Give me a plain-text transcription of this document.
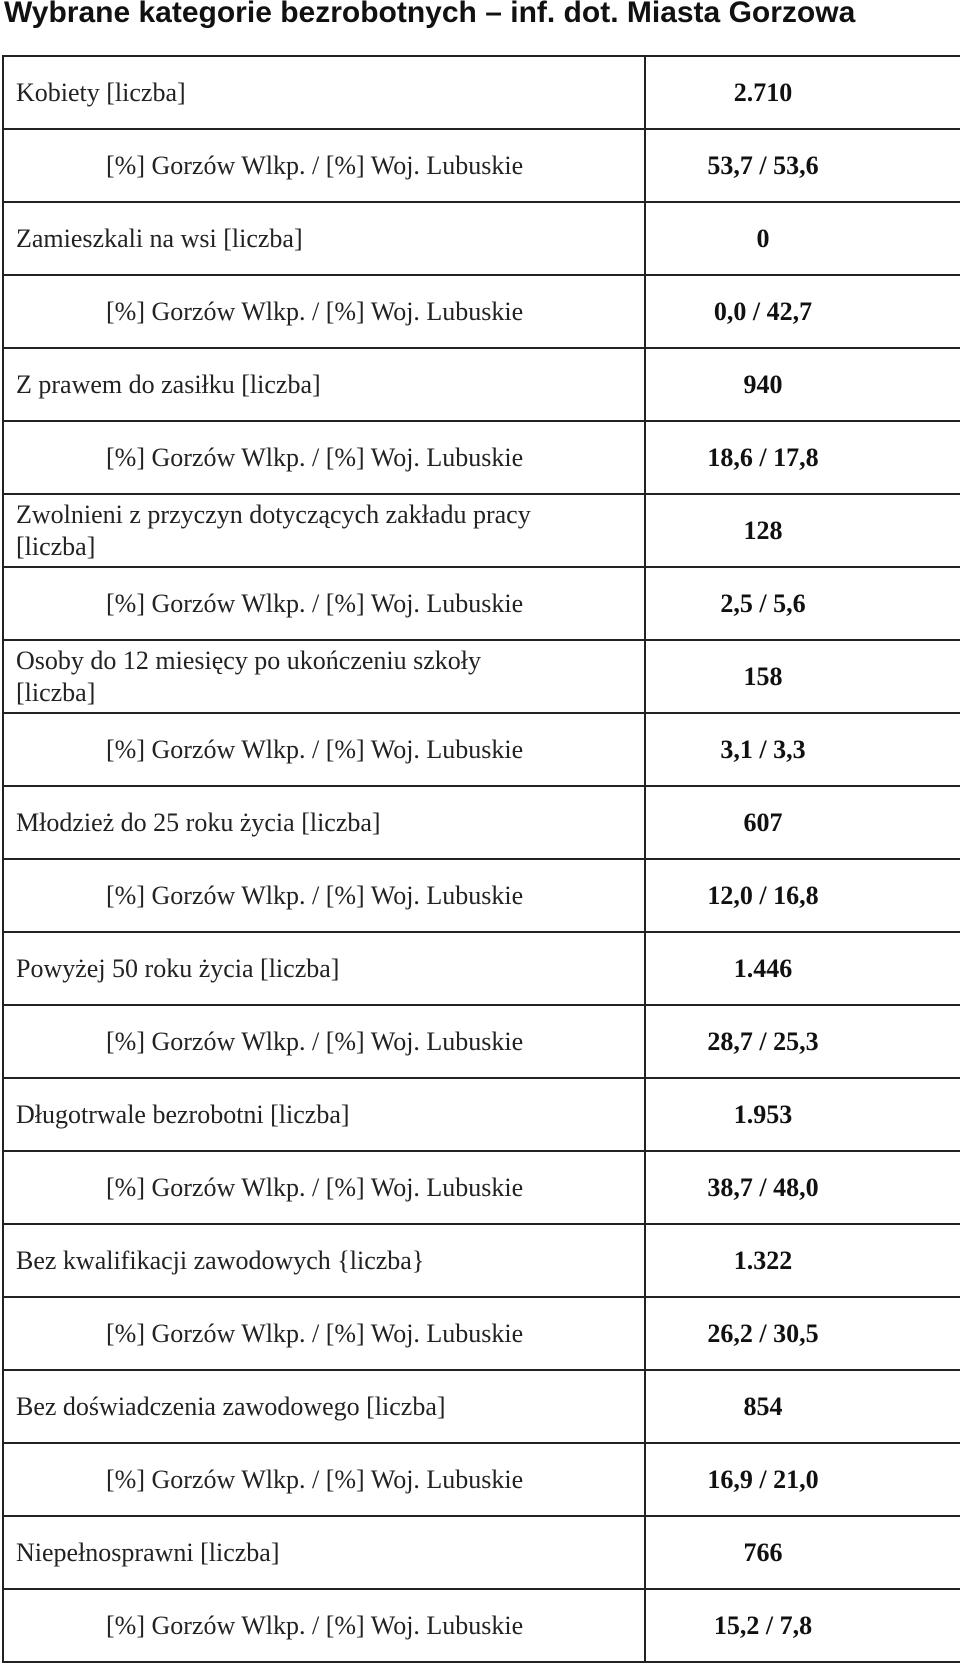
Wybrane kategorie bezrobotnych – inf. dot. Miasta Gorzowa
Kobiety [liczba]	2.710
[%] Gorzów Wlkp. / [%] Woj. Lubuskie	53,7 / 53,6
Zamieszkali na wsi [liczba]	0
[%] Gorzów Wlkp. / [%] Woj. Lubuskie	0,0 / 42,7
Z prawem do zasiłku [liczba]	940
[%] Gorzów Wlkp. / [%] Woj. Lubuskie	18,6 / 17,8
Zwolnieni z przyczyn dotyczących zakładu pracy
[liczba]	128
[%] Gorzów Wlkp. / [%] Woj. Lubuskie	2,5 / 5,6
Osoby do 12 miesięcy po ukończeniu szkoły
[liczba]	158
[%] Gorzów Wlkp. / [%] Woj. Lubuskie	3,1 / 3,3
Młodzież do 25 roku życia [liczba]	607
[%] Gorzów Wlkp. / [%] Woj. Lubuskie	12,0 / 16,8
Powyżej 50 roku życia [liczba]	1.446
[%] Gorzów Wlkp. / [%] Woj. Lubuskie	28,7 / 25,3
Długotrwale bezrobotni [liczba]	1.953
[%] Gorzów Wlkp. / [%] Woj. Lubuskie	38,7 / 48,0
Bez kwalifikacji zawodowych {liczba}	1.322
[%] Gorzów Wlkp. / [%] Woj. Lubuskie	26,2 / 30,5
Bez doświadczenia zawodowego [liczba]	854
[%] Gorzów Wlkp. / [%] Woj. Lubuskie	16,9 / 21,0
Niepełnosprawni [liczba]	766
[%] Gorzów Wlkp. / [%] Woj. Lubuskie	15,2 / 7,8
